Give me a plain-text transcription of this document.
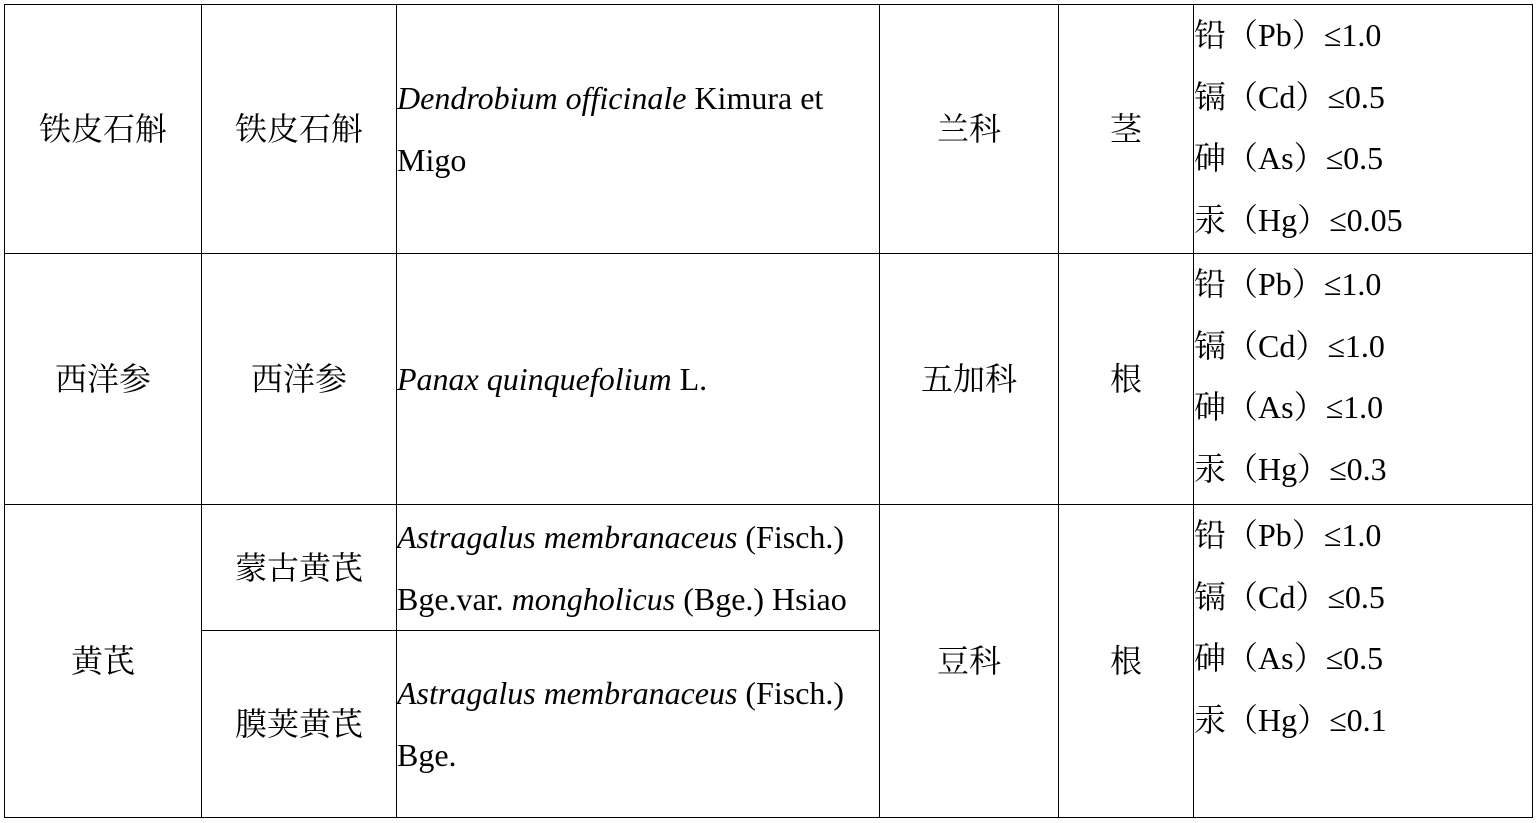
铁皮石斛	铁皮石斛	Dendrobium officinale Kimura et Migo	兰科	茎	铅（Pb）≤1.0
镉（Cd）≤0.5
砷（As）≤0.5
汞（Hg）≤0.05

西洋参	西洋参	Panax quinquefolium L.	五加科	根	铅（Pb）≤1.0
镉（Cd）≤1.0
砷（As）≤1.0
汞（Hg）≤0.3

黄芪	蒙古黄芪	Astragalus membranaceus (Fisch.) Bge.var. mongholicus (Bge.) Hsiao	豆科	根	铅（Pb）≤1.0
镉（Cd）≤0.5
砷（As）≤0.5
汞（Hg）≤0.1

	膜荚黄芪	Astragalus membranaceus (Fisch.) Bge.			
